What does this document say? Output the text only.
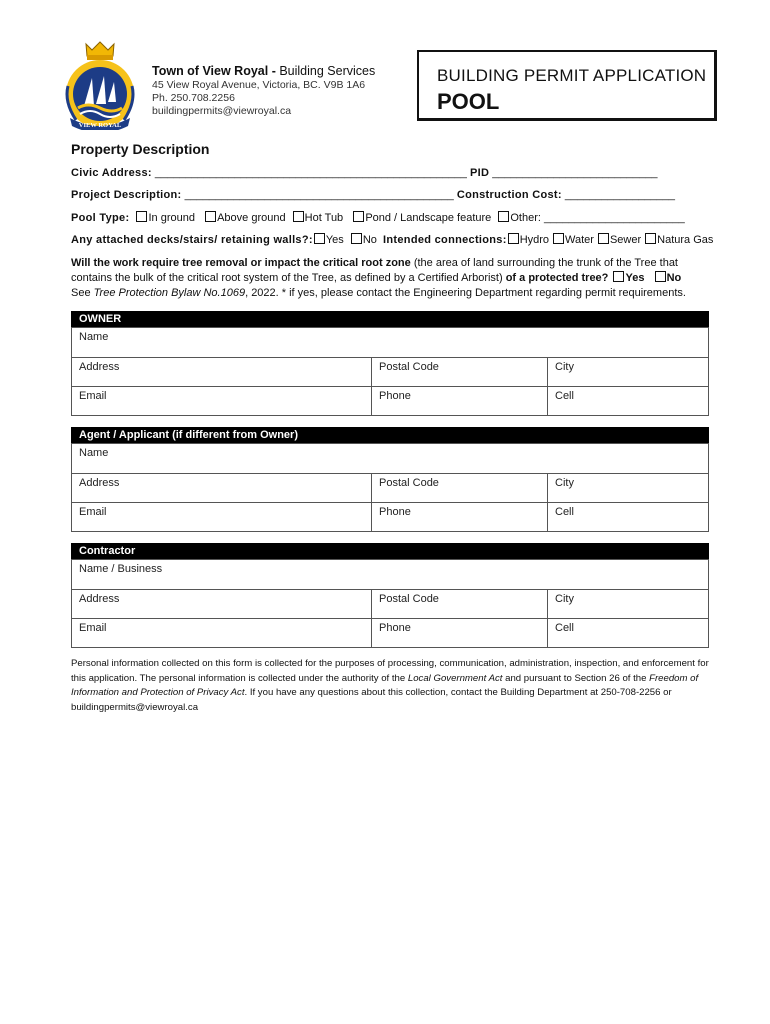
VIEW ROYAL
Town of View Royal - Building Services
45 View Royal Avenue, Victoria, BC. V9B 1A6
Ph. 250.708.2256
buildingpermits@viewroyal.ca
BUILDING PERMIT APPLICATION
POOL
Property Description
Civic Address: ___________________________________________________ PID ___________________________
Project Description: ____________________________________________ Construction Cost: __________________
Pool Type: In ground Above ground Hot Tub Pond / Landscape feature Other: _______________________
Any attached decks/stairs/ retaining walls?: Yes No Intended connections: Hydro Water Sewer Natura Gas
Will the work require tree removal or impact the critical root zone (the area of land surrounding the trunk of the Tree that contains the bulk of the critical root system of the Tree, as defined by a Certified Arborist) of a protected tree? Yes No
See Tree Protection Bylaw No.1069, 2022. * if yes, please contact the Engineering Department regarding permit requirements.
OWNER
Name		
Address	Postal Code	City
Email	Phone	Cell
Agent / Applicant (if different from Owner)
Name		
Address	Postal Code	City
Email	Phone	Cell
Contractor
Name / Business		
Address	Postal Code	City
Email	Phone	Cell
Personal information collected on this form is collected for the purposes of processing, communication, administration, inspection, and enforcement for this application. The personal information is collected under the authority of the Local Government Act and pursuant to Section 26 of the Freedom of Information and Protection of Privacy Act. If you have any questions about this collection, contact the Building Department at 250-708-2256 or buildingpermits@viewroyal.ca
